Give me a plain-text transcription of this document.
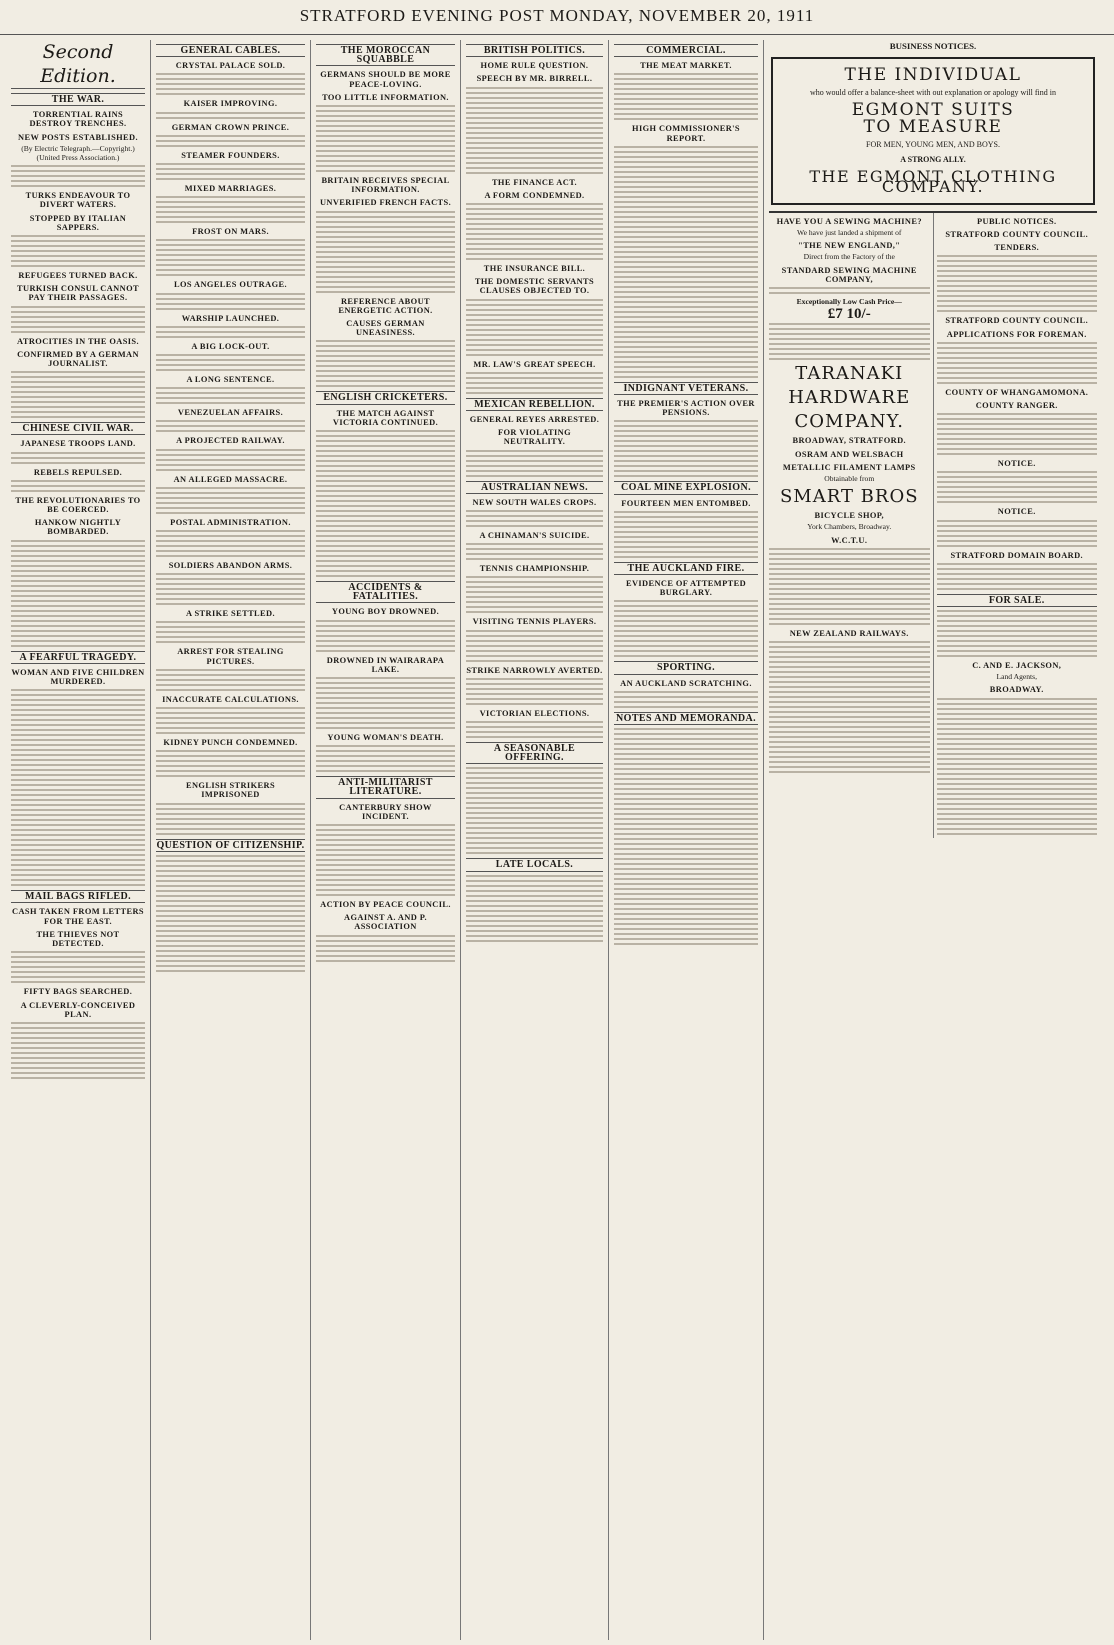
STRATFORD EVENING POST MONDAY, NOVEMBER 20, 1911
Second Edition.
THE WAR.
TORRENTIAL RAINS DESTROY TRENCHES.
NEW POSTS ESTABLISHED.
(By Electric Telegraph.—Copyright.) (United Press Association.)
TURKS ENDEAVOUR TO DIVERT WATERS.
STOPPED BY ITALIAN SAPPERS.
REFUGEES TURNED BACK.
TURKISH CONSUL CANNOT PAY THEIR PASSAGES.
ATROCITIES IN THE OASIS.
CONFIRMED BY A GERMAN JOURNALIST.
CHINESE CIVIL WAR.
JAPANESE TROOPS LAND.
REBELS REPULSED.
THE REVOLUTIONARIES TO BE COERCED.
HANKOW NIGHTLY BOMBARDED.
A FEARFUL TRAGEDY.
WOMAN AND FIVE CHILDREN MURDERED.
MAIL BAGS RIFLED.
CASH TAKEN FROM LETTERS FOR THE EAST.
THE THIEVES NOT DETECTED.
FIFTY BAGS SEARCHED.
A CLEVERLY-CONCEIVED PLAN.
GENERAL CABLES.
CRYSTAL PALACE SOLD.
KAISER IMPROVING.
GERMAN CROWN PRINCE.
STEAMER FOUNDERS.
MIXED MARRIAGES.
FROST ON MARS.
LOS ANGELES OUTRAGE.
WARSHIP LAUNCHED.
A BIG LOCK-OUT.
A LONG SENTENCE.
VENEZUELAN AFFAIRS.
A PROJECTED RAILWAY.
AN ALLEGED MASSACRE.
POSTAL ADMINISTRATION.
SOLDIERS ABANDON ARMS.
A STRIKE SETTLED.
ARREST FOR STEALING PICTURES.
INACCURATE CALCULATIONS.
KIDNEY PUNCH CONDEMNED.
ENGLISH STRIKERS IMPRISONED
QUESTION OF CITIZENSHIP.
THE MOROCCAN SQUABBLE
GERMANS SHOULD BE MORE PEACE-LOVING.
TOO LITTLE INFORMATION.
BRITAIN RECEIVES SPECIAL INFORMATION.
UNVERIFIED FRENCH FACTS.
REFERENCE ABOUT ENERGETIC ACTION.
CAUSES GERMAN UNEASINESS.
ENGLISH CRICKETERS.
THE MATCH AGAINST VICTORIA CONTINUED.
ACCIDENTS & FATALITIES.
YOUNG BOY DROWNED.
DROWNED IN WAIRARAPA LAKE.
YOUNG WOMAN'S DEATH.
ANTI-MILITARIST LITERATURE.
CANTERBURY SHOW INCIDENT.
ACTION BY PEACE COUNCIL.
AGAINST A. AND P. ASSOCIATION
BRITISH POLITICS.
HOME RULE QUESTION.
SPEECH BY MR. BIRRELL.
THE FINANCE ACT.
A FORM CONDEMNED.
THE INSURANCE BILL.
THE DOMESTIC SERVANTS CLAUSES OBJECTED TO.
MR. LAW'S GREAT SPEECH.
MEXICAN REBELLION.
GENERAL REYES ARRESTED.
FOR VIOLATING NEUTRALITY.
AUSTRALIAN NEWS.
NEW SOUTH WALES CROPS.
A CHINAMAN'S SUICIDE.
TENNIS CHAMPIONSHIP.
VISITING TENNIS PLAYERS.
STRIKE NARROWLY AVERTED.
VICTORIAN ELECTIONS.
A SEASONABLE OFFERING.
LATE LOCALS.
COMMERCIAL.
THE MEAT MARKET.
HIGH COMMISSIONER'S REPORT.
INDIGNANT VETERANS.
THE PREMIER'S ACTION OVER PENSIONS.
COAL MINE EXPLOSION.
FOURTEEN MEN ENTOMBED.
THE AUCKLAND FIRE.
EVIDENCE OF ATTEMPTED BURGLARY.
SPORTING.
AN AUCKLAND SCRATCHING.
NOTES AND MEMORANDA.
BUSINESS NOTICES.
THE INDIVIDUAL
who would offer a balance-sheet with out explanation or apology will find in
EGMONT SUITS
TO MEASURE
FOR MEN, YOUNG MEN, AND BOYS.
A STRONG ALLY.
THE EGMONT CLOTHING COMPANY.
HAVE YOU A SEWING MACHINE?
We have just landed a shipment of
"THE NEW ENGLAND,"
Direct from the Factory of the
STANDARD SEWING MACHINE COMPANY,
Exceptionally Low Cash Price—
£7 10/-
TARANAKI
HARDWARE
COMPANY.
BROADWAY, STRATFORD.
OSRAM AND WELSBACH
METALLIC FILAMENT LAMPS
Obtainable from
SMART BROS
BICYCLE SHOP,
York Chambers, Broadway.
W.C.T.U.
NEW ZEALAND RAILWAYS.
PUBLIC NOTICES.
STRATFORD COUNTY COUNCIL.
TENDERS.
STRATFORD COUNTY COUNCIL.
APPLICATIONS FOR FOREMAN.
COUNTY OF WHANGAMOMONA.
COUNTY RANGER.
NOTICE.
NOTICE.
STRATFORD DOMAIN BOARD.
FOR SALE.
C. AND E. JACKSON,
Land Agents,
BROADWAY.
